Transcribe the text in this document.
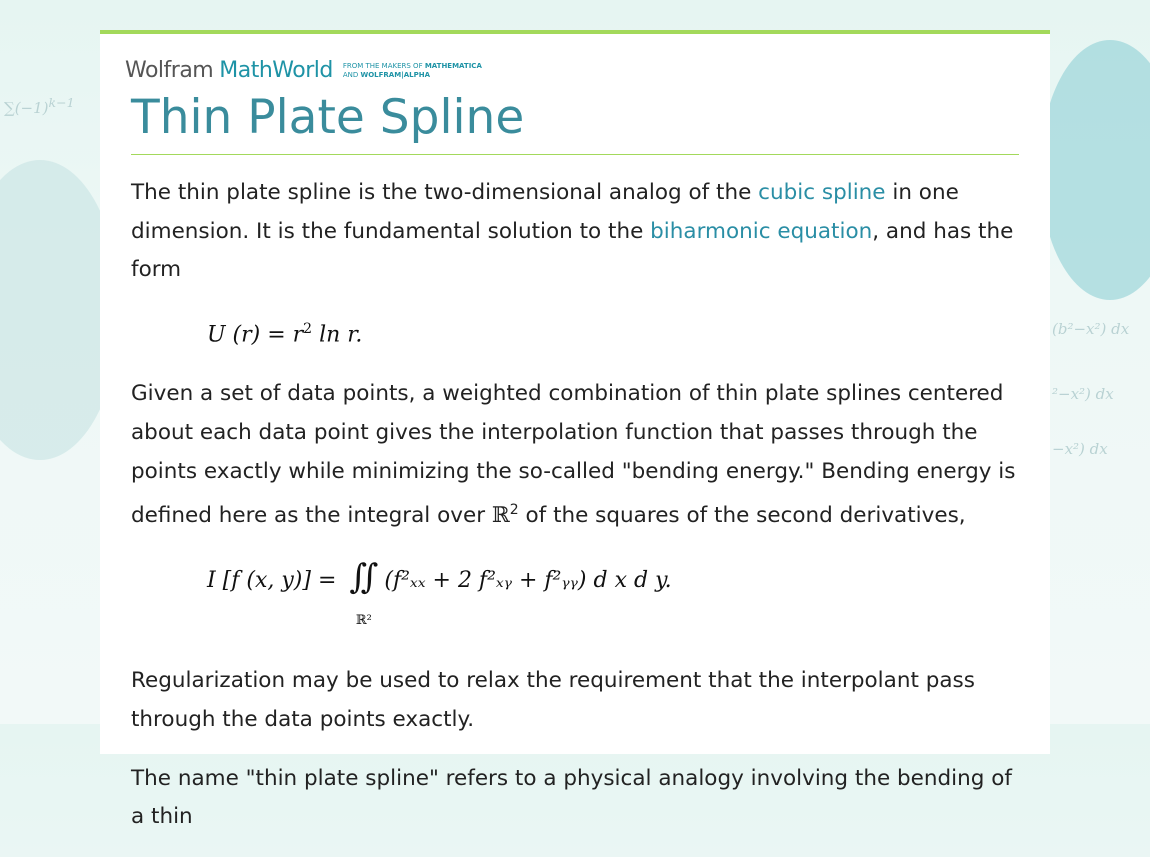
$\sum(-1)^{k-1}$
(b²−x²) dx
²−x²) dx
−x²) dx
Wolfram MathWorld FROM THE MAKERS OF MATHEMATICA
AND WOLFRAM|ALPHA
Thin Plate Spline

The thin plate spline is the two-dimensional analog of the cubic spline in one dimension. It is the fundamental solution to the biharmonic equation, and has the form

U $(r) = r^2$ ln r.

Given a set of data points, a weighted combination of thin plate splines centered about each data point gives the interpolation function that passes through the points exactly while minimizing the so-called "bending energy." Bending energy is defined here as the integral over ℝ$^2$ of the squares of the second derivatives,

I [f (x, y)] = ∬
ℝ²
(f²ₓₓ + 2 f²ₓᵧ + f²ᵧᵧ) d x d y.

Regularization may be used to relax the requirement that the interpolant pass through the data points exactly.

The name "thin plate spline" refers to a physical analogy involving the bending of a thin
